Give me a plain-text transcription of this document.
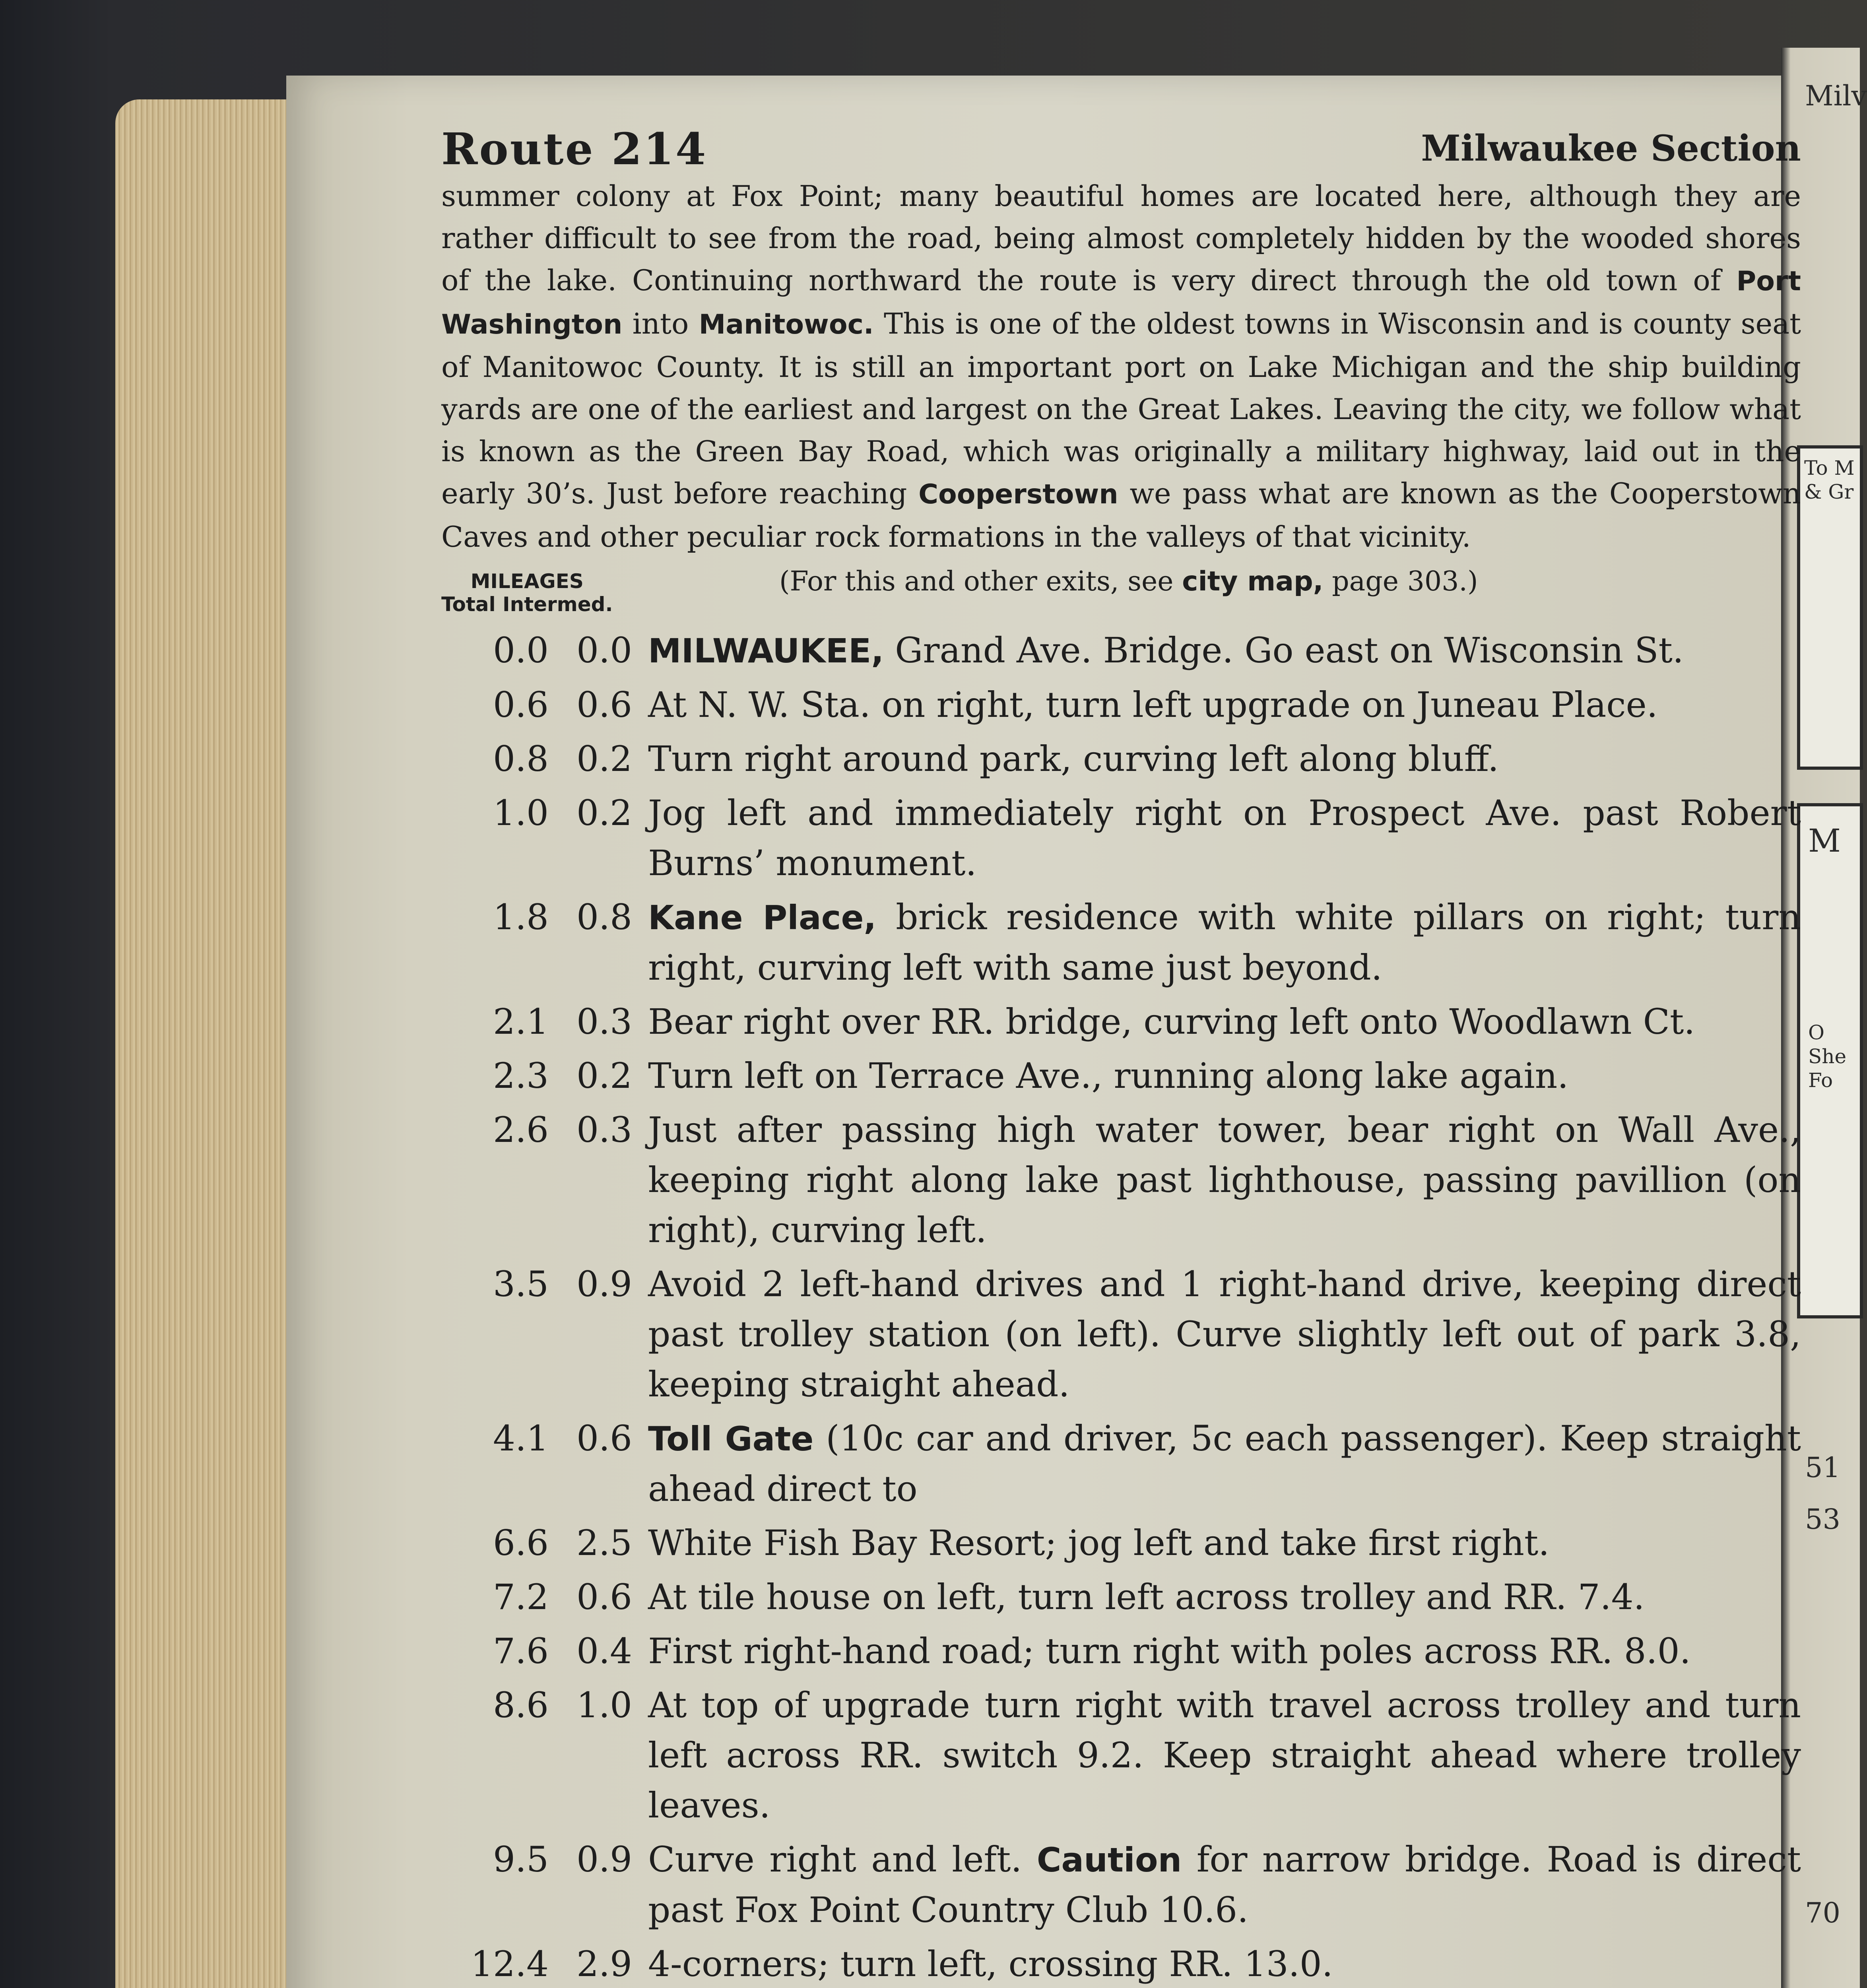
Milv
To M
& Gr
M
O
She
Fo
51
53
70
Route 214	Milwaukee Section
summer colony at Fox Point; many beautiful homes are located here, although they are rather difficult to see from the road, being almost completely hidden by the wooded shores of the lake. Continuing northward the route is very direct through the old town of Port Washington into Manitowoc. This is one of the oldest towns in Wisconsin and is county seat of Manitowoc County. It is still an important port on Lake Michigan and the ship building yards are one of the earliest and largest on the Great Lakes. Leaving the city, we follow what is known as the Green Bay Road, which was originally a military highway, laid out in the early 30’s. Just before reaching Cooperstown we pass what are known as the Cooperstown Caves and other peculiar rock formations in the valleys of that vicinity.
MILEAGES
Total Intermed.
(For this and other exits, see city map, page 303.)
0.0 0.0 MILWAUKEE, Grand Ave. Bridge. Go east on Wisconsin St.
0.6 0.6 At N. W. Sta. on right, turn left upgrade on Juneau Place.
0.8 0.2 Turn right around park, curving left along bluff.
1.0 0.2 Jog left and immediately right on Prospect Ave. past Robert Burns’ monument.
1.8 0.8 Kane Place, brick residence with white pillars on right; turn right, curving left with same just beyond.
2.1 0.3 Bear right over RR. bridge, curving left onto Woodlawn Ct.
2.3 0.2 Turn left on Terrace Ave., running along lake again.
2.6 0.3 Just after passing high water tower, bear right on Wall Ave., keeping right along lake past lighthouse, passing pavillion (on right), curving left.
3.5 0.9 Avoid 2 left-hand drives and 1 right-hand drive, keeping direct past trolley station (on left). Curve slightly left out of park 3.8, keeping straight ahead.
4.1 0.6 Toll Gate (10c car and driver, 5c each passenger). Keep straight ahead direct to
6.6 2.5 White Fish Bay Resort; jog left and take first right.
7.2 0.6 At tile house on left, turn left across trolley and RR. 7.4.
7.6 0.4 First right-hand road; turn right with poles across RR. 8.0.
8.6 1.0 At top of upgrade turn right with travel across trolley and turn left across RR. switch 9.2. Keep straight ahead where trolley leaves.
9.5 0.9 Curve right and left. Caution for narrow bridge. Road is direct past Fox Point Country Club 10.6.
12.4 2.9 4-corners; turn left, crossing RR. 13.0.
